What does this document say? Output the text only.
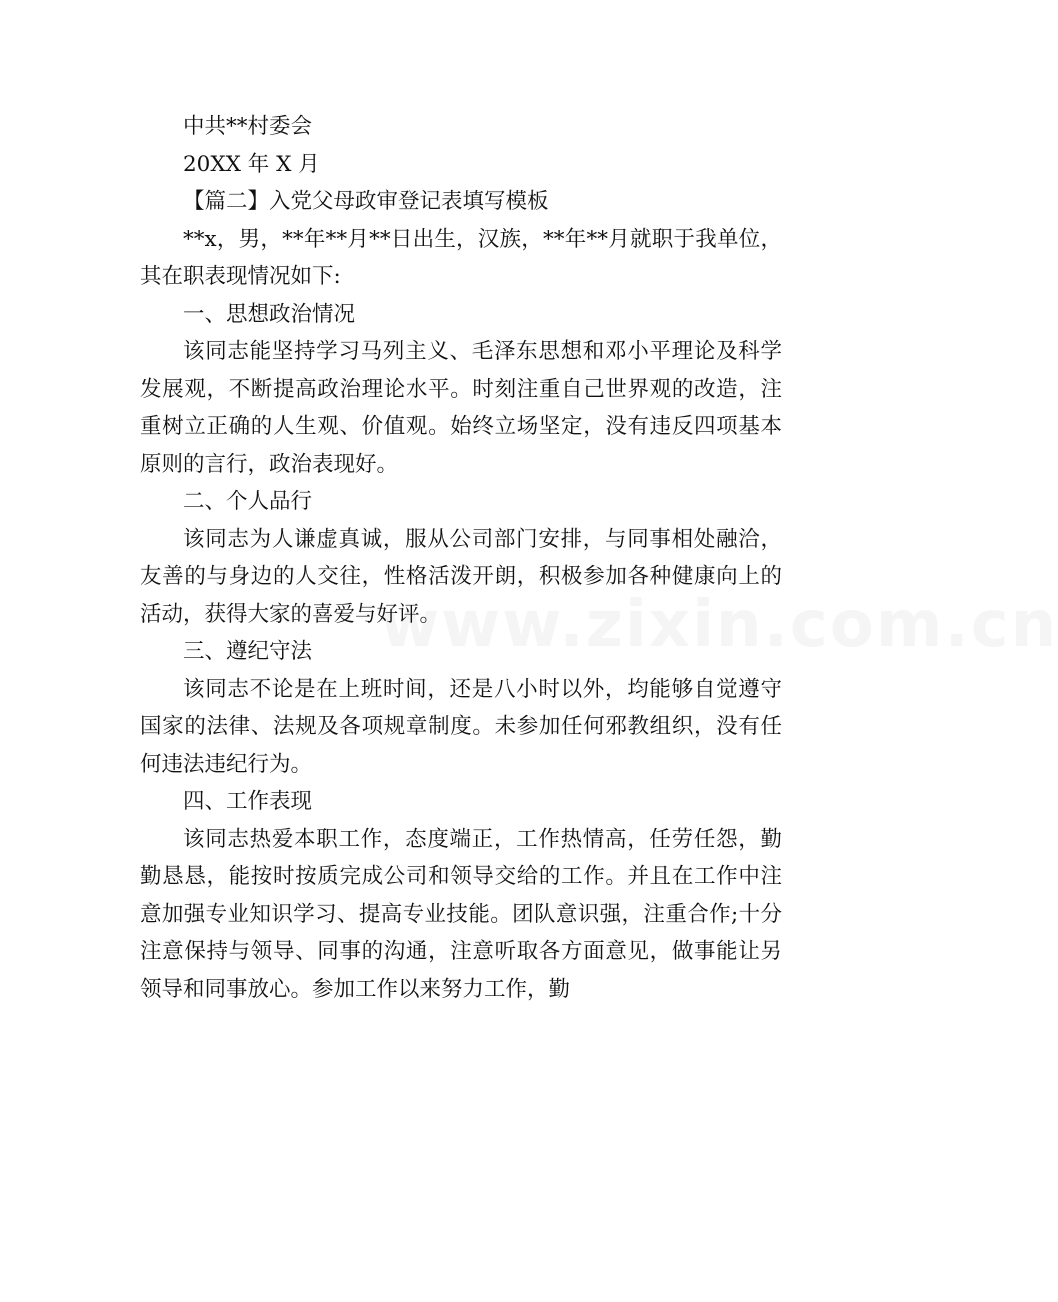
www.zixin.com.cn

中共**村委会

20XX 年 X 月

【篇二】入党父母政审登记表填写模板

**x，男，**年**月**日出生，汉族，**年**月就职于我单位，其在职表现情况如下:

一、思想政治情况

该同志能坚持学习马列主义、毛泽东思想和邓小平理论及科学发展观，不断提高政治理论水平。时刻注重自己世界观的改造，注重树立正确的人生观、价值观。始终立场坚定，没有违反四项基本原则的言行，政治表现好。

二、个人品行

该同志为人谦虚真诚，服从公司部门安排，与同事相处融洽，友善的与身边的人交往，性格活泼开朗，积极参加各种健康向上的活动，获得大家的喜爱与好评。

三、遵纪守法

该同志不论是在上班时间，还是八小时以外，均能够自觉遵守国家的法律、法规及各项规章制度。未参加任何邪教组织，没有任何违法违纪行为。

四、工作表现

该同志热爱本职工作，态度端正，工作热情高，任劳任怨，勤勤恳恳，能按时按质完成公司和领导交给的工作。并且在工作中注意加强专业知识学习、提高专业技能。团队意识强，注重合作;十分注意保持与领导、同事的沟通，注意听取各方面意见，做事能让另领导和同事放心。参加工作以来努力工作，勤
